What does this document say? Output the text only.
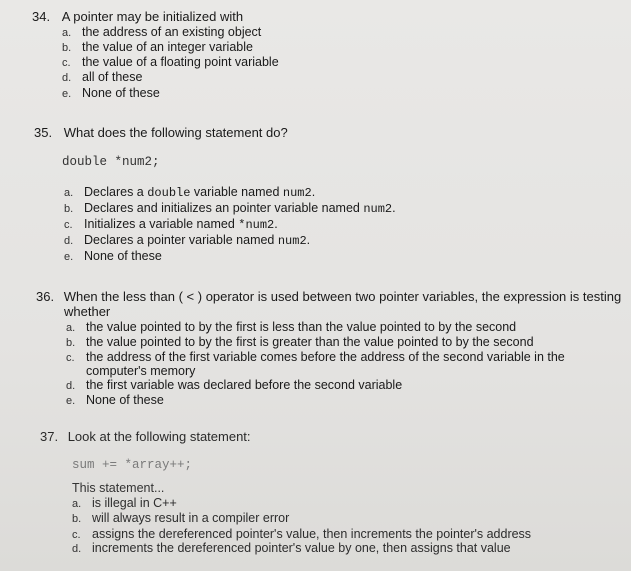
34. A pointer may be initialized with
a. the address of an existing object
b. the value of an integer variable
c. the value of a floating point variable
d. all of these
e. None of these
35. What does the following statement do?
double *num2;
a. Declares a double variable named num2.
b. Declares and initializes an pointer variable named num2.
c. Initializes a variable named *num2.
d. Declares a pointer variable named num2.
e. None of these
36. When the less than ( < ) operator is used between two pointer variables, the expression is testing
whether
a. the value pointed to by the first is less than the value pointed to by the second
b. the value pointed to by the first is greater than the value pointed to by the second
c. the address of the first variable comes before the address of the second variable in the
computer's memory
d. the first variable was declared before the second variable
e. None of these
37. Look at the following statement:
sum += *array++;
This statement...
a. is illegal in C++
b. will always result in a compiler error
c. assigns the dereferenced pointer's value, then increments the pointer's address
d. increments the dereferenced pointer's value by one, then assigns that value
